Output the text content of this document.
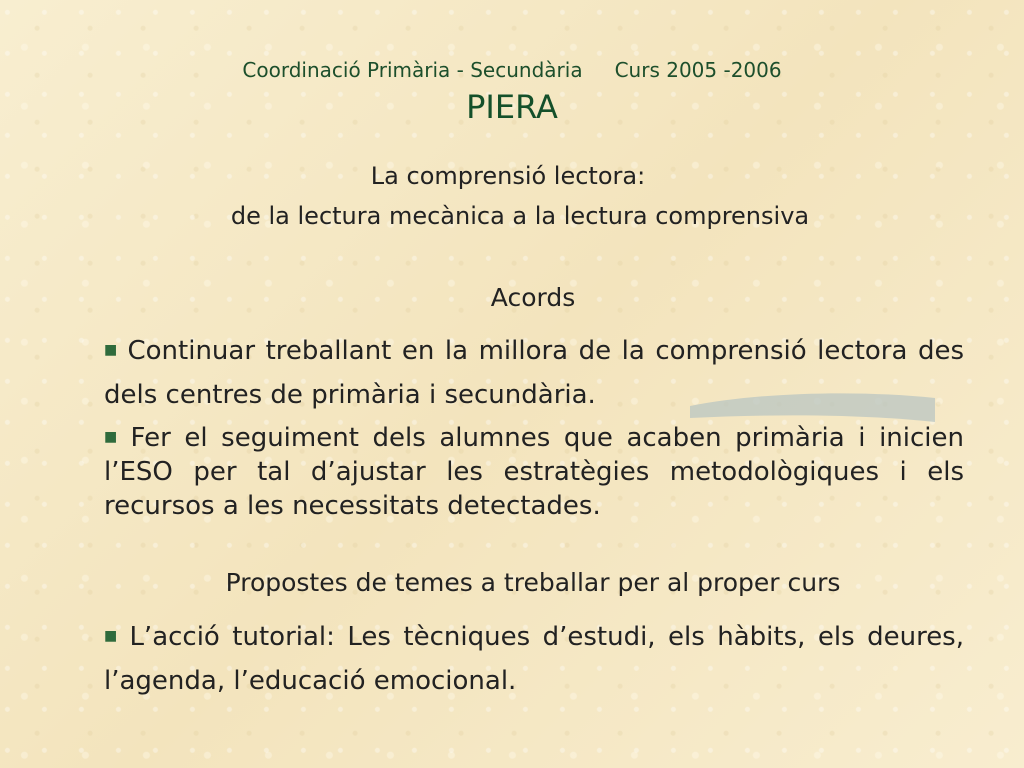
Coordinació Primària - Secundària Curs 2005 -2006
PIERA
La comprensió lectora:
de la lectura mecànica a la lectura comprensiva
Acords
■ Continuar treballant en la millora de la comprensió lectora des dels centres de primària i secundària.
■ Fer el seguiment dels alumnes que acaben primària i inicien l’ESO per tal d’ajustar les estratègies metodològiques i els recursos a les necessitats detectades.
Propostes de temes a treballar per al proper curs
■ L’acció tutorial: Les tècniques d’estudi, els hàbits, els deures, l’agenda, l’educació emocional.
